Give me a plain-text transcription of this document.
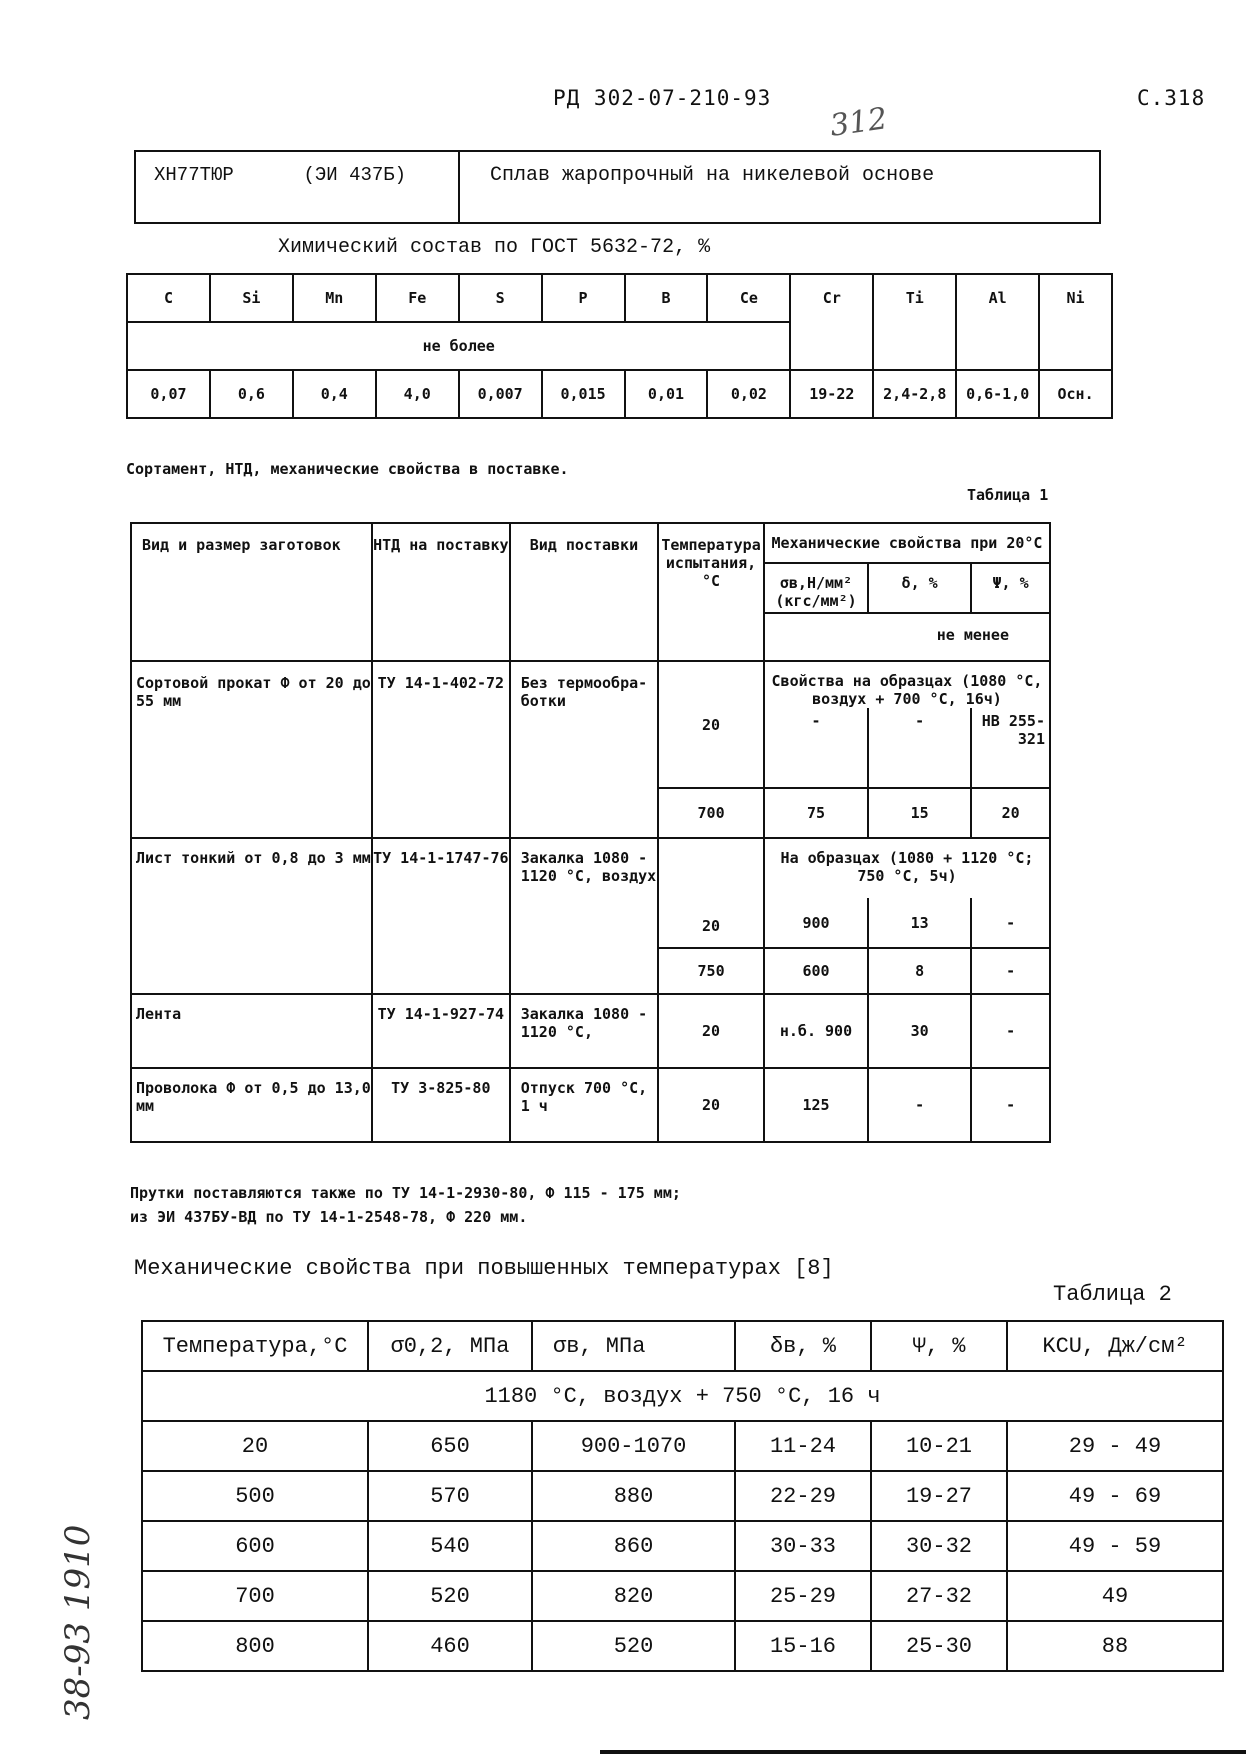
РД 302-07-210-93	С.318
312
ХН77ТЮР	(ЭИ 437Б)	Сплав жаропрочный на никелевой основе
Химический состав по ГОСТ 5632-72, %
C	Si	Mn	Fe	S	P	B	Ce	Cr	Ti	Al	Ni
не более											
0,07	0,6	0,4	4,0	0,007	0,015	0,01	0,02	19-22	2,4-2,8	0,6-1,0	Осн.
Сортамент, НТД, механические свойства в поставке.
Таблица 1
Вид и размер заготовок	НТД на поставку	Вид поставки	Температура испытания, °С	Механические свойства при 20°С		
				σв,Н/мм² (кгс/мм²)	δ, %	Ψ, %
				не менее		
Сортовой прокат Ф от 20 до 55 мм	ТУ 14-1-402-72	Без термообра- ботки	20	Свойства на образцах (1080 °С, воздух + 700 °С, 16ч)		
				-	-	НВ 255- 321
			700	75	15	20
Лист тонкий от 0,8 до 3 мм	ТУ 14-1-1747-76	Закалка 1080 - 1120 °С, воздух	20	На образцах (1080 + 1120 °С; 750 °С, 5ч)		
				900	13	-
			750	600	8	-
Лента	ТУ 14-1-927-74	Закалка 1080 - 1120 °С,	20	н.б. 900	30	-
Проволока Ф от 0,5 до 13,0 мм	ТУ 3-825-80	Отпуск 700 °С, 1 ч	20	125	-	-
Прутки поставляются также по ТУ 14-1-2930-80, Ф 115 - 175 мм;
из ЭИ 437БУ-ВД по ТУ 14-1-2548-78, Ф 220 мм.
Механические свойства при повышенных температурах [8]
Таблица 2
Температура,°С	σ0,2, МПа	σв, МПа	δв, %	Ψ, %	KCU, Дж/см²
1180 °С, воздух + 750 °С, 16 ч					
20	650	900-1070	11-24	10-21	29 - 49
500	570	880	22-29	19-27	49 - 69
600	540	860	30-33	30-32	49 - 59
700	520	820	25-29	27-32	49
800	460	520	15-16	25-30	88
38-93 1910
